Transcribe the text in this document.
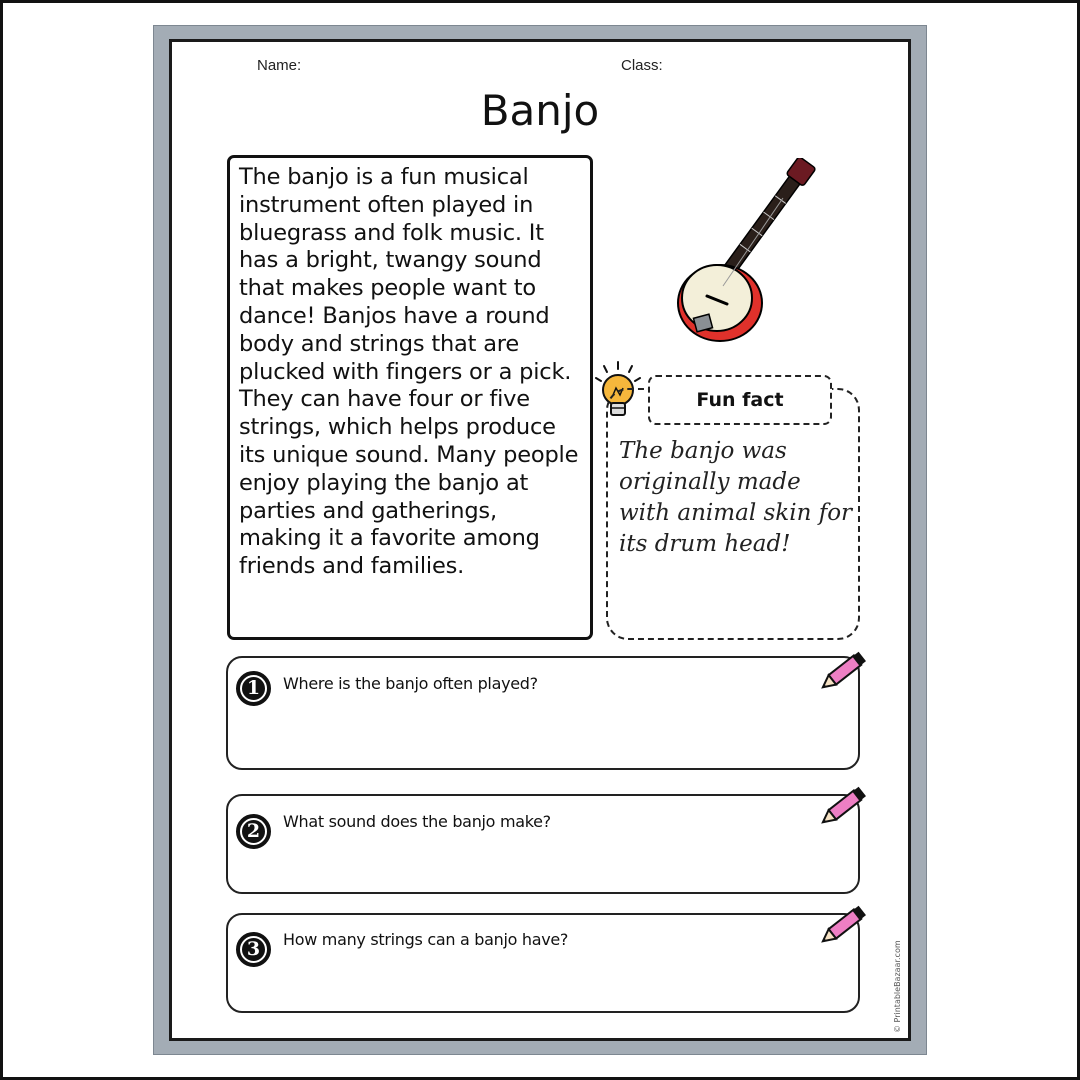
Name:	Class:
Banjo

The banjo is a fun musical instrument often played in bluegrass and folk music. It has a bright, twangy sound that makes people want to dance! Banjos have a round body and strings that are plucked with fingers or a pick. They can have four or five strings, which helps produce its unique sound. Many people enjoy playing the banjo at parties and gatherings, making it a favorite among friends and families.

Fun fact
The banjo was originally made with animal skin for its drum head!
1	Where is the banjo often played?
2	What sound does the banjo make?
3	How many strings can a banjo have?
© PrintableBazaar.com
